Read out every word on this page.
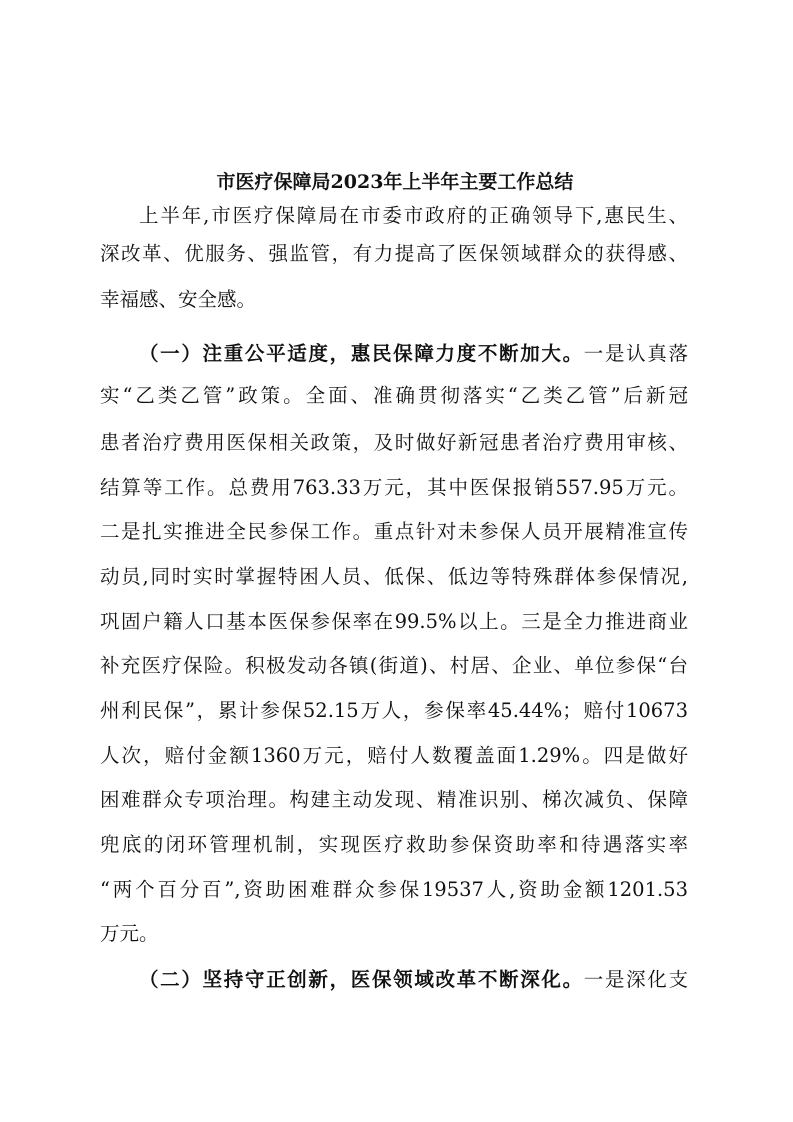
市医疗保障局2023年上半年主要工作总结
上半年,市医疗保障局在市委市政府的正确领导下,惠民生、
深改革、优服务、强监管，有力提高了医保领域群众的获得感、
幸福感、安全感。
（一）注重公平适度，惠民保障力度不断加大。一是认真落
实“乙类乙管”政策。全面、准确贯彻落实“乙类乙管”后新冠
患者治疗费用医保相关政策，及时做好新冠患者治疗费用审核、
结算等工作。总费用763.33万元，其中医保报销557.95万元。
二是扎实推进全民参保工作。重点针对未参保人员开展精准宣传
动员,同时实时掌握特困人员、低保、低边等特殊群体参保情况,
巩固户籍人口基本医保参保率在99.5%以上。三是全力推进商业
补充医疗保险。积极发动各镇(街道)、村居、企业、单位参保“台
州利民保”，累计参保52.15万人，参保率45.44%；赔付10673
人次，赔付金额1360万元，赔付人数覆盖面1.29%。四是做好
困难群众专项治理。构建主动发现、精准识别、梯次减负、保障
兜底的闭环管理机制，实现医疗救助参保资助率和待遇落实率
“两个百分百”,资助困难群众参保19537人,资助金额1201.53
万元。
（二）坚持守正创新，医保领域改革不断深化。一是深化支
